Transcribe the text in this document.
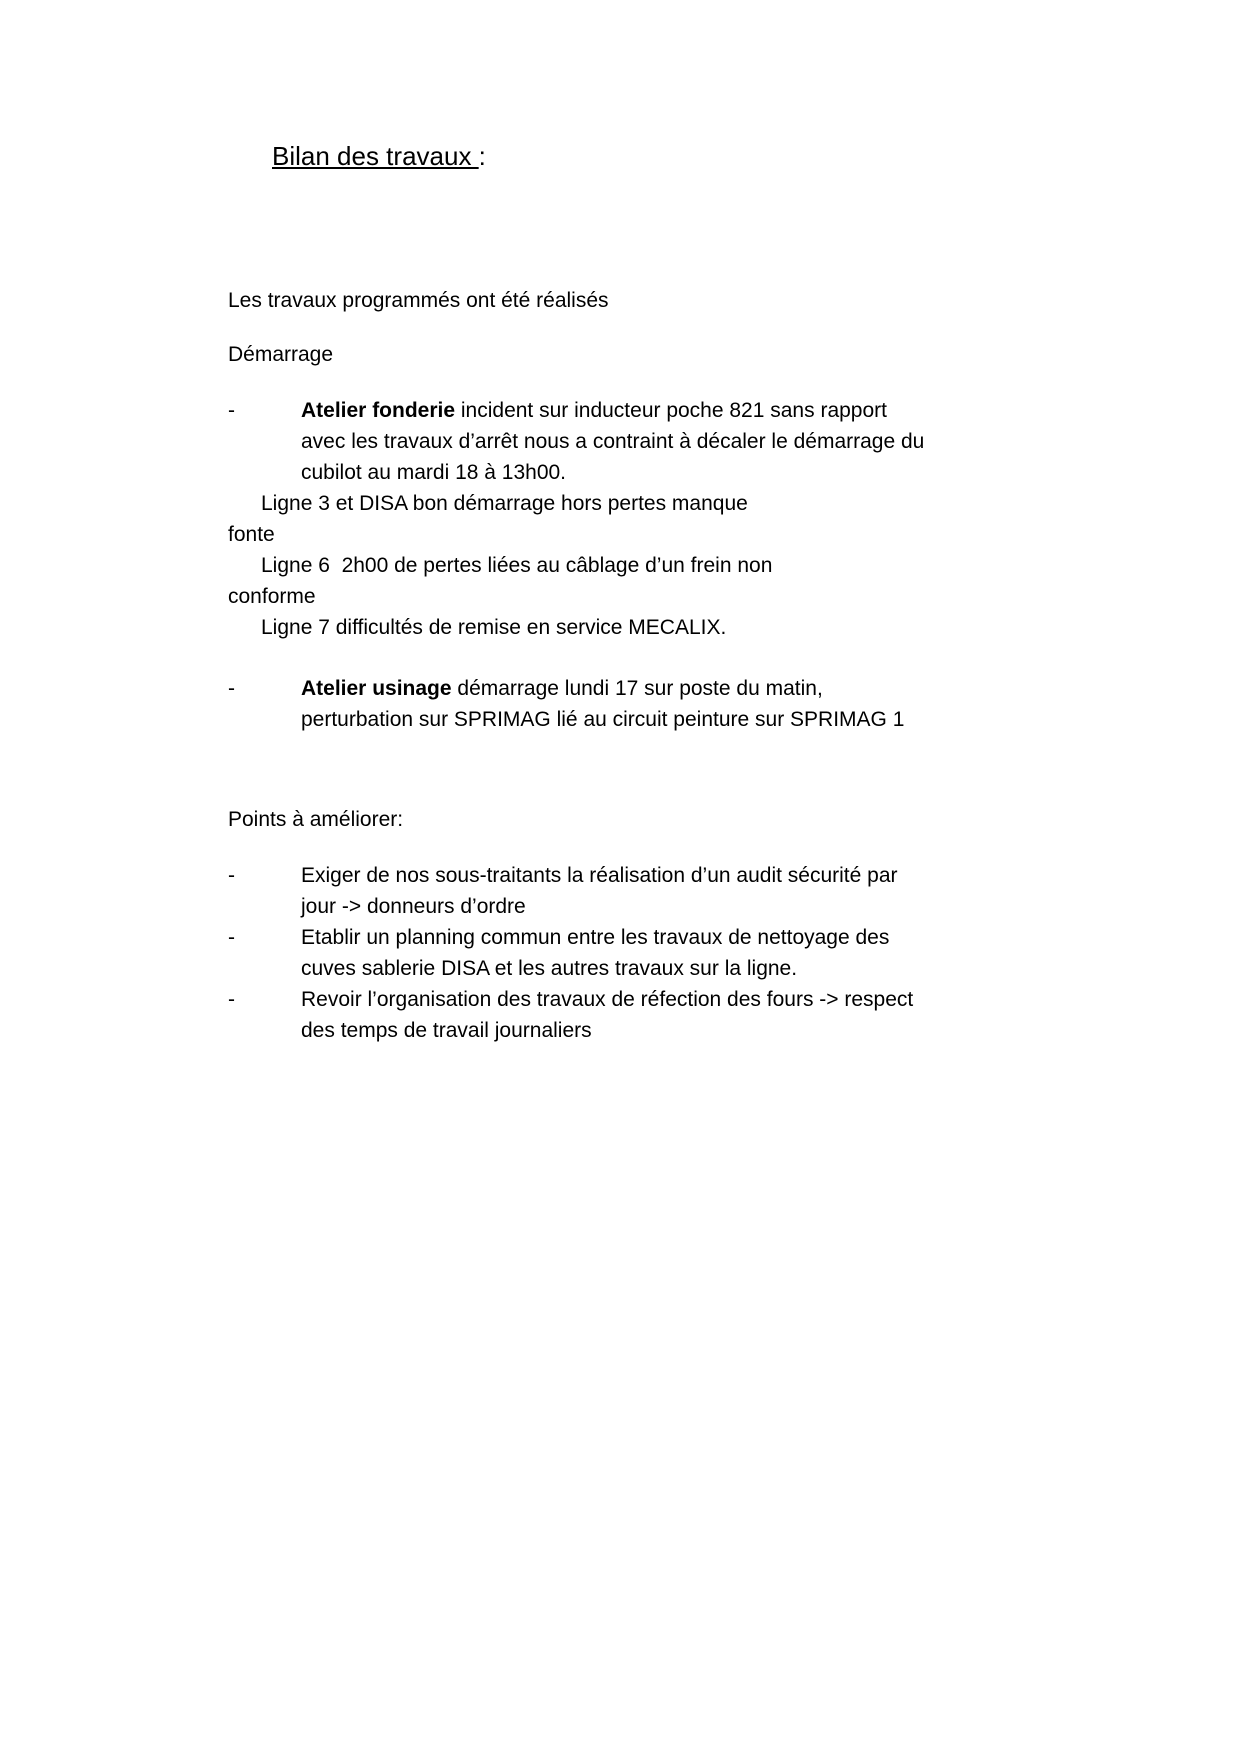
Bilan des travaux :

Les travaux programmés ont été réalisés

Démarrage

-	Atelier fonderie incident sur inducteur poche 821 sans rapport avec les travaux d’arrêt nous a contraint à décaler le démarrage du cubilot au mardi 18 à 13h00.
Ligne 3 et DISA bon démarrage hors pertes manque
fonte
Ligne 6  2h00 de pertes liées au câblage d’un frein non
conforme
Ligne 7 difficultés de remise en service MECALIX.
-	Atelier usinage démarrage lundi 17 sur poste du matin, perturbation sur SPRIMAG lié au circuit peinture sur SPRIMAG 1

Points à améliorer:

-	Exiger de nos sous-traitants la réalisation d’un audit sécurité par jour -> donneurs d’ordre
-	Etablir un planning commun entre les travaux de nettoyage des cuves sablerie DISA et les autres travaux sur la ligne.
-	Revoir l’organisation des travaux de réfection des fours -> respect des temps de travail journaliers
